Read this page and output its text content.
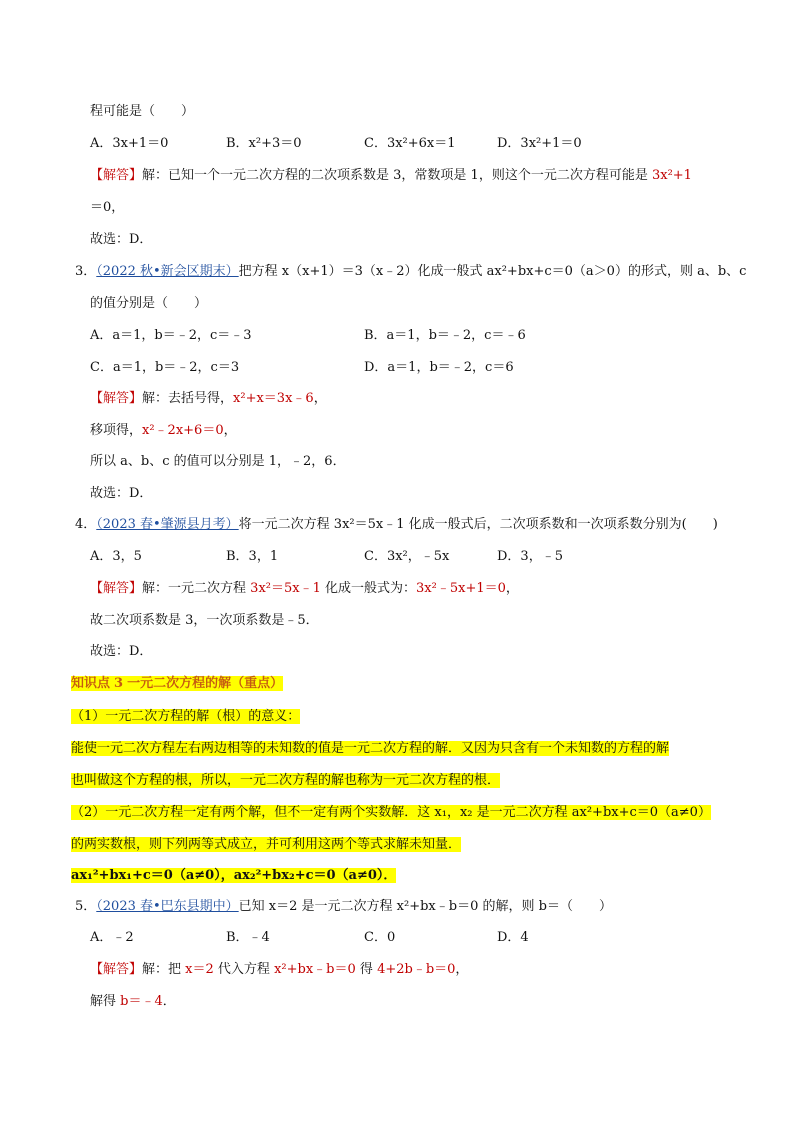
程可能是（　　）
A．3x+1＝0	B．x²+3＝0	C．3x²+6x＝1	D．3x²+1＝0
【解答】解：已知一个一元二次方程的二次项系数是 3，常数项是 1，则这个一元二次方程可能是 3x²+1
＝0，
故选：D．
3．（2022 秋•新会区期末）把方程 x（x+1）＝3（x﹣2）化成一般式 ax²+bx+c＝0（a＞0）的形式，则 a、b、c
的值分别是（　　）
A．a＝1，b＝﹣2，c＝﹣3	B．a＝1，b＝﹣2，c＝﹣6
C．a＝1，b＝﹣2，c＝3	D．a＝1，b＝﹣2，c＝6
【解答】解：去括号得，x²+x＝3x﹣6，
移项得，x²﹣2x+6＝0，
所以 a、b、c 的值可以分别是 1，﹣2，6．
故选：D．
4．（2023 春•肇源县月考）将一元二次方程 3x²＝5x﹣1 化成一般式后，二次项系数和一次项系数分别为(　　)
A．3，5	B．3，1	C．3x²，﹣5x	D．3，﹣5
【解答】解：一元二次方程 3x²＝5x﹣1 化成一般式为：3x²﹣5x+1＝0，
故二次项系数是 3，一次项系数是﹣5．
故选：D．
知识点 3 一元二次方程的解（重点）
（1）一元二次方程的解（根）的意义：
能使一元二次方程左右两边相等的未知数的值是一元二次方程的解．又因为只含有一个未知数的方程的解
也叫做这个方程的根，所以，一元二次方程的解也称为一元二次方程的根．
（2）一元二次方程一定有两个解，但不一定有两个实数解．这 x₁，x₂ 是一元二次方程 ax²+bx+c＝0（a≠0）
的两实数根，则下列两等式成立，并可利用这两个等式求解未知量．
ax₁²+bx₁+c＝0（a≠0），ax₂²+bx₂+c＝0（a≠0）．
5．（2023 春•巴东县期中）已知 x＝2 是一元二次方程 x²+bx﹣b＝0 的解，则 b＝（　　）
A．﹣2	B．﹣4	C．0	D．4
【解答】解：把 x＝2 代入方程 x²+bx﹣b＝0 得 4+2b﹣b＝0，
解得 b＝﹣4．
